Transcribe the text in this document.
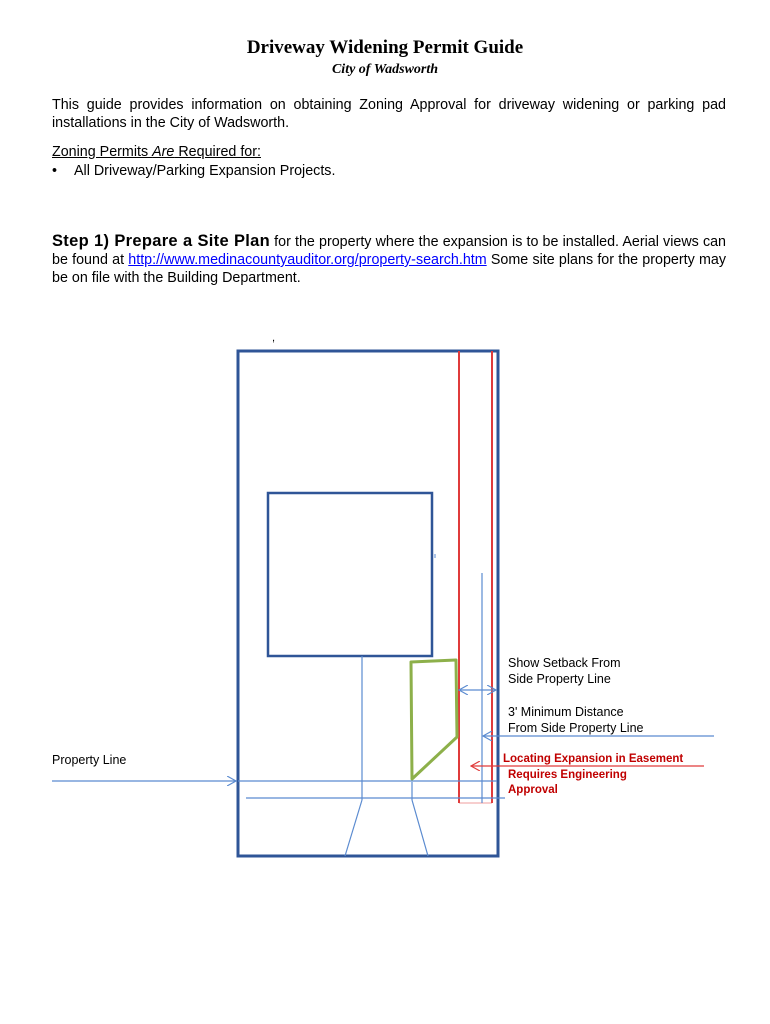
Driveway Widening Permit Guide
City of Wadsworth
This guide provides information on obtaining Zoning Approval for driveway widening or parking pad installations in the City of Wadsworth.
Zoning Permits Are Required for:
• All Driveway/Parking Expansion Projects.
Step 1) Prepare a Site Plan for the property where the expansion is to be installed. Aerial views can be found at http://www.medinacountyauditor.org/property-search.htm Some site plans for the property may be on file with the Building Department.
,
Show Setback From
Side Property Line
3' Minimum Distance
From Side Property Line
Property Line	Locating Expansion in Easement
Requires Engineering
Approval
